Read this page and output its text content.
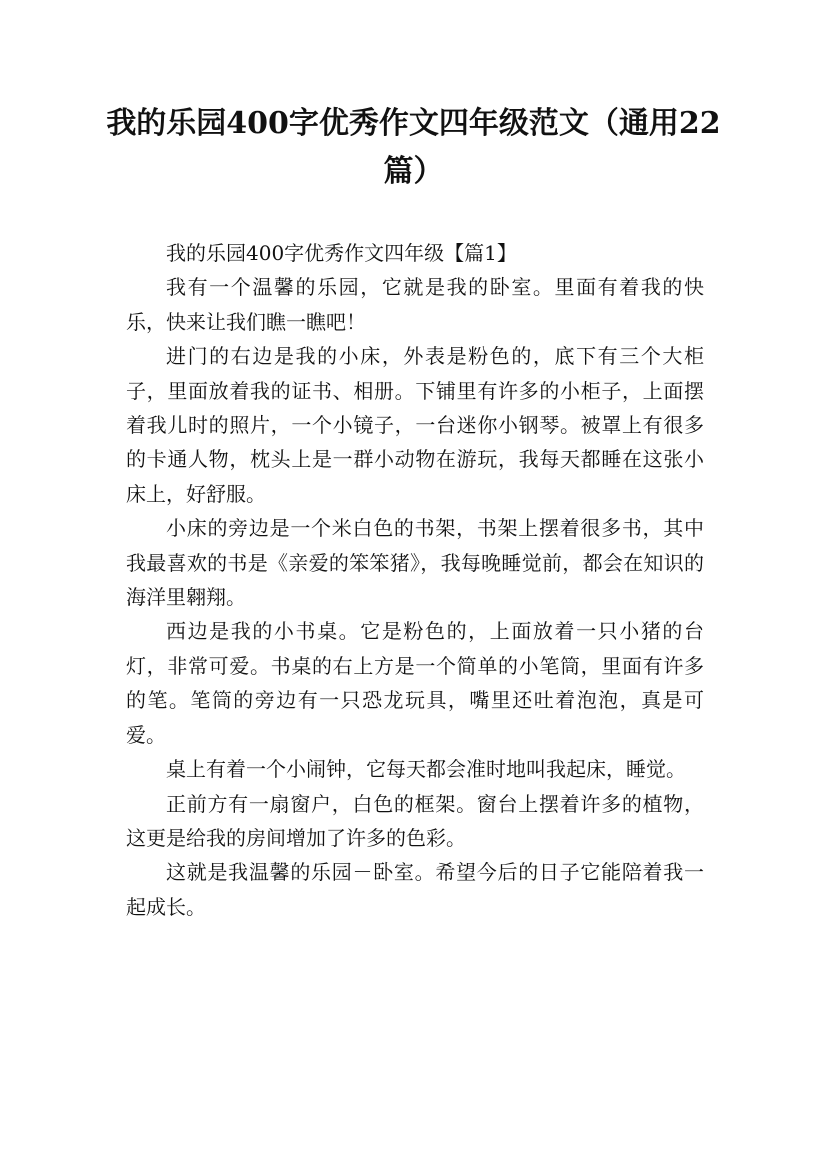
我的乐园400字优秀作文四年级范文（通用22篇）

我的乐园400字优秀作文四年级【篇1】

我有一个温馨的乐园，它就是我的卧室。里面有着我的快乐，快来让我们瞧一瞧吧！

进门的右边是我的小床，外表是粉色的，底下有三个大柜子，里面放着我的证书、相册。下铺里有许多的小柜子，上面摆着我儿时的照片，一个小镜子，一台迷你小钢琴。被罩上有很多的卡通人物，枕头上是一群小动物在游玩，我每天都睡在这张小床上，好舒服。

小床的旁边是一个米白色的书架，书架上摆着很多书，其中我最喜欢的书是《亲爱的笨笨猪》，我每晚睡觉前，都会在知识的海洋里翱翔。

西边是我的小书桌。它是粉色的，上面放着一只小猪的台灯，非常可爱。书桌的右上方是一个简单的小笔筒，里面有许多的笔。笔筒的旁边有一只恐龙玩具，嘴里还吐着泡泡，真是可爱。

桌上有着一个小闹钟，它每天都会准时地叫我起床，睡觉。

正前方有一扇窗户，白色的框架。窗台上摆着许多的植物，这更是给我的房间增加了许多的色彩。

这就是我温馨的乐园－卧室。希望今后的日子它能陪着我一起成长。
